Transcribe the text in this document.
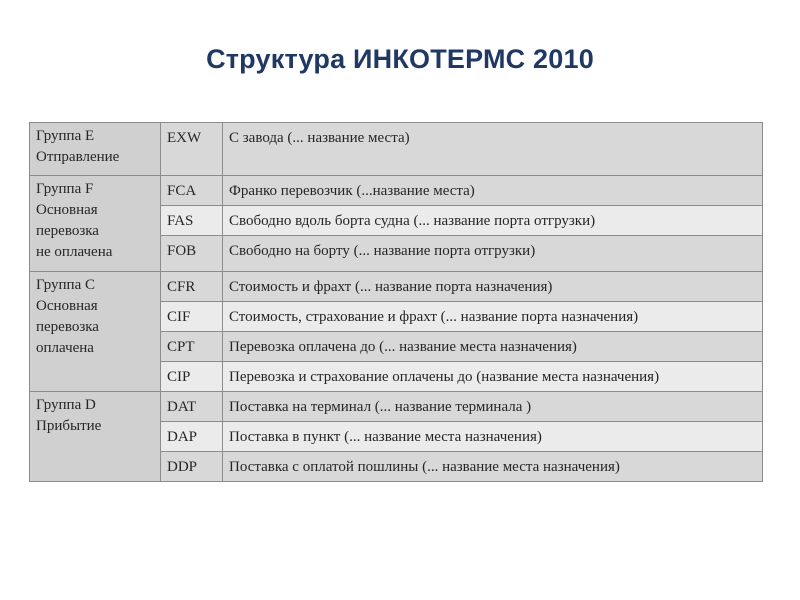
Структура ИНКОТЕРМС 2010
Группа E
Отправление	EXW	С завода (... название места)
Группа F
Основная
перевозка
не оплачена	FCA	Франко перевозчик (...название места)
	FAS	Свободно вдоль борта судна (... название порта отгрузки)
	FOB	Свободно на борту (... название порта отгрузки)
Группа C
Основная
перевозка
оплачена	CFR	Стоимость и фрахт (... название порта назначения)
	CIF	Стоимость, страхование и фрахт (... название порта назначения)
	CPT	Перевозка оплачена до (... название места назначения)
	CIP	Перевозка и страхование оплачены до (название места назначения)
Группа D
Прибытие	DAT	Поставка на терминал (... название терминала )
	DAP	Поставка в пункт (... название места назначения)
	DDP	Поставка с оплатой пошлины (... название места назначения)
